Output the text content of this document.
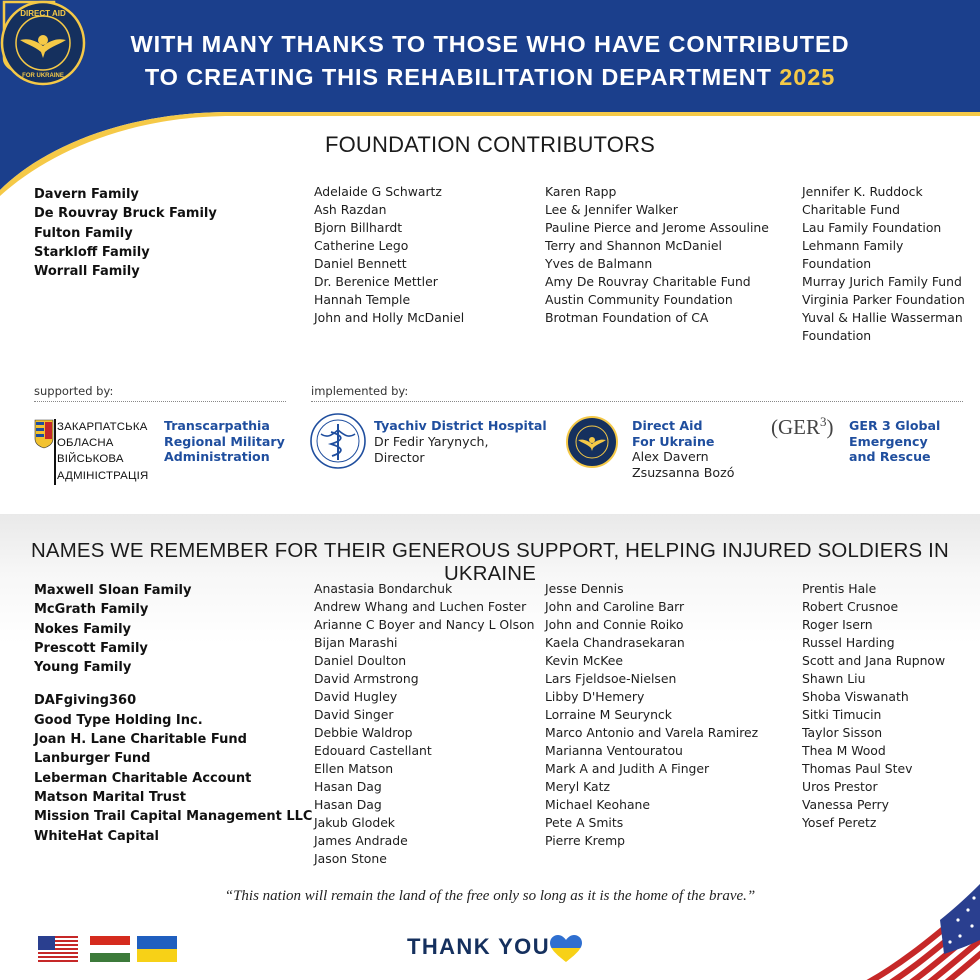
WITH MANY THANKS TO THOSE WHO HAVE CONTRIBUTED
TO CREATING THIS REHABILITATION DEPARTMENT 2025
DIRECT AID
FOR UKRAINE
FOUNDATION CONTRIBUTORS
Davern Family
De Rouvray Bruck Family
Fulton Family
Starkloff Family
Worrall Family
Adelaide G Schwartz
Ash Razdan
Bjorn Billhardt
Catherine Lego
Daniel Bennett
Dr. Berenice Mettler
Hannah Temple
John and Holly McDaniel
Karen Rapp
Lee & Jennifer Walker
Pauline Pierce and Jerome Assouline
Terry and Shannon McDaniel
Yves de Balmann
Amy De Rouvray Charitable Fund
Austin Community Foundation
Brotman Foundation of CA
Jennifer K. Ruddock
Charitable Fund
Lau Family Foundation
Lehmann Family
Foundation
Murray Jurich Family Fund
Virginia Parker Foundation
Yuval & Hallie Wasserman
Foundation
supported by:	implemented by:
ЗАКАРПАТСЬКА
ОБЛАСНА
ВІЙСЬКОВА
АДМІНІСТРАЦІЯ
Transcarpathia
Regional Military
Administration
Tyachiv District Hospital
Dr Fedir Yarynych,
Director
Direct Aid
For Ukraine
Alex Davern
Zsuzsanna Bozó
(GER$^3$) GER 3 Global
Emergency
and Rescue
NAMES WE REMEMBER FOR THEIR GENEROUS SUPPORT, HELPING INJURED SOLDIERS IN UKRAINE
Maxwell Sloan Family
McGrath Family
Nokes Family
Prescott Family
Young Family
DAFgiving360
Good Type Holding Inc.
Joan H. Lane Charitable Fund
Lanburger Fund
Leberman Charitable Account
Matson Marital Trust
Mission Trail Capital Management LLC
WhiteHat Capital
Anastasia Bondarchuk
Andrew Whang and Luchen Foster
Arianne C Boyer and Nancy L Olson
Bijan Marashi
Daniel Doulton
David Armstrong
David Hugley
David Singer
Debbie Waldrop
Edouard Castellant
Ellen Matson
Hasan Dag
Hasan Dag
Jakub Glodek
James Andrade
Jason Stone
Jesse Dennis
John and Caroline Barr
John and Connie Roiko
Kaela Chandrasekaran
Kevin McKee
Lars Fjeldsoe-Nielsen
Libby D'Hemery
Lorraine M Seurynck
Marco Antonio and Varela Ramirez
Marianna Ventouratou
Mark A and Judith A Finger
Meryl Katz
Michael Keohane
Pete A Smits
Pierre Kremp
Prentis Hale
Robert Crusnoe
Roger Isern
Russel Harding
Scott and Jana Rupnow
Shawn Liu
Shoba Viswanath
Sitki Timucin
Taylor Sisson
Thea M Wood
Thomas Paul Stev
Uros Prestor
Vanessa Perry
Yosef Peretz
“This nation will remain the land of the free only so long as it is the home of the brave.”
THANK YOU
